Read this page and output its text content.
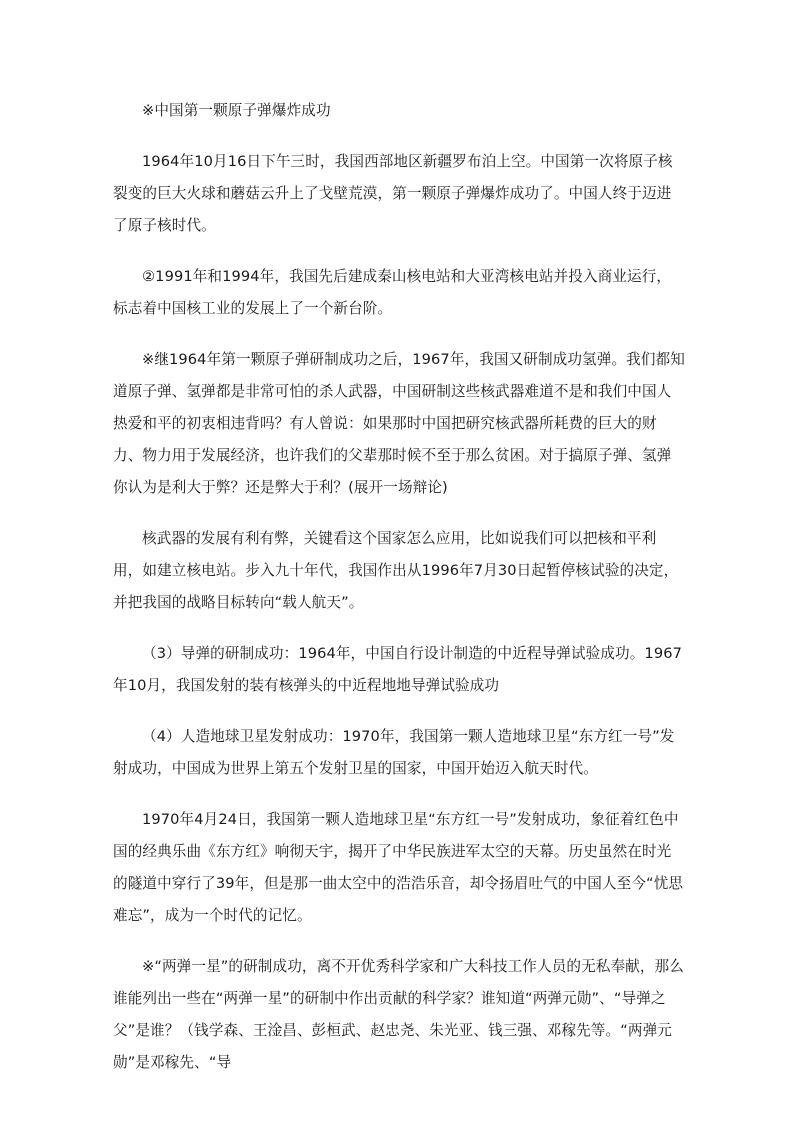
※中国第一颗原子弹爆炸成功

1964年10月16日下午三时，我国西部地区新疆罗布泊上空。中国第一次将原子核裂变的巨大火球和蘑菇云升上了戈壁荒漠，第一颗原子弹爆炸成功了。中国人终于迈进了原子核时代。

②1991年和1994年，我国先后建成秦山核电站和大亚湾核电站并投入商业运行，标志着中国核工业的发展上了一个新台阶。

※继1964年第一颗原子弹研制成功之后，1967年，我国又研制成功氢弹。我们都知道原子弹、氢弹都是非常可怕的杀人武器，中国研制这些核武器难道不是和我们中国人热爱和平的初衷相违背吗？有人曾说：如果那时中国把研究核武器所耗费的巨大的财力、物力用于发展经济，也许我们的父辈那时候不至于那么贫困。对于搞原子弹、氢弹你认为是利大于弊？还是弊大于利？(展开一场辩论)

核武器的发展有利有弊，关键看这个国家怎么应用，比如说我们可以把核和平利用，如建立核电站。步入九十年代，我国作出从1996年7月30日起暂停核试验的决定，并把我国的战略目标转向“载人航天”。

（3）导弹的研制成功：1964年，中国自行设计制造的中近程导弹试验成功。1967年10月，我国发射的装有核弹头的中近程地地导弹试验成功

（4）人造地球卫星发射成功：1970年，我国第一颗人造地球卫星“东方红一号”发射成功，中国成为世界上第五个发射卫星的国家，中国开始迈入航天时代。

1970年4月24日，我国第一颗人造地球卫星“东方红一号”发射成功，象征着红色中国的经典乐曲《东方红》响彻天宇，揭开了中华民族进军太空的天幕。历史虽然在时光的隧道中穿行了39年，但是那一曲太空中的浩浩乐音，却令扬眉吐气的中国人至今“忧思难忘”，成为一个时代的记忆。

※“两弹一星”的研制成功，离不开优秀科学家和广大科技工作人员的无私奉献，那么谁能列出一些在“两弹一星”的研制中作出贡献的科学家？谁知道“两弹元勋”、“导弹之父”是谁？（钱学森、王淦昌、彭桓武、赵忠尧、朱光亚、钱三强、邓稼先等。“两弹元勋”是邓稼先、“导
